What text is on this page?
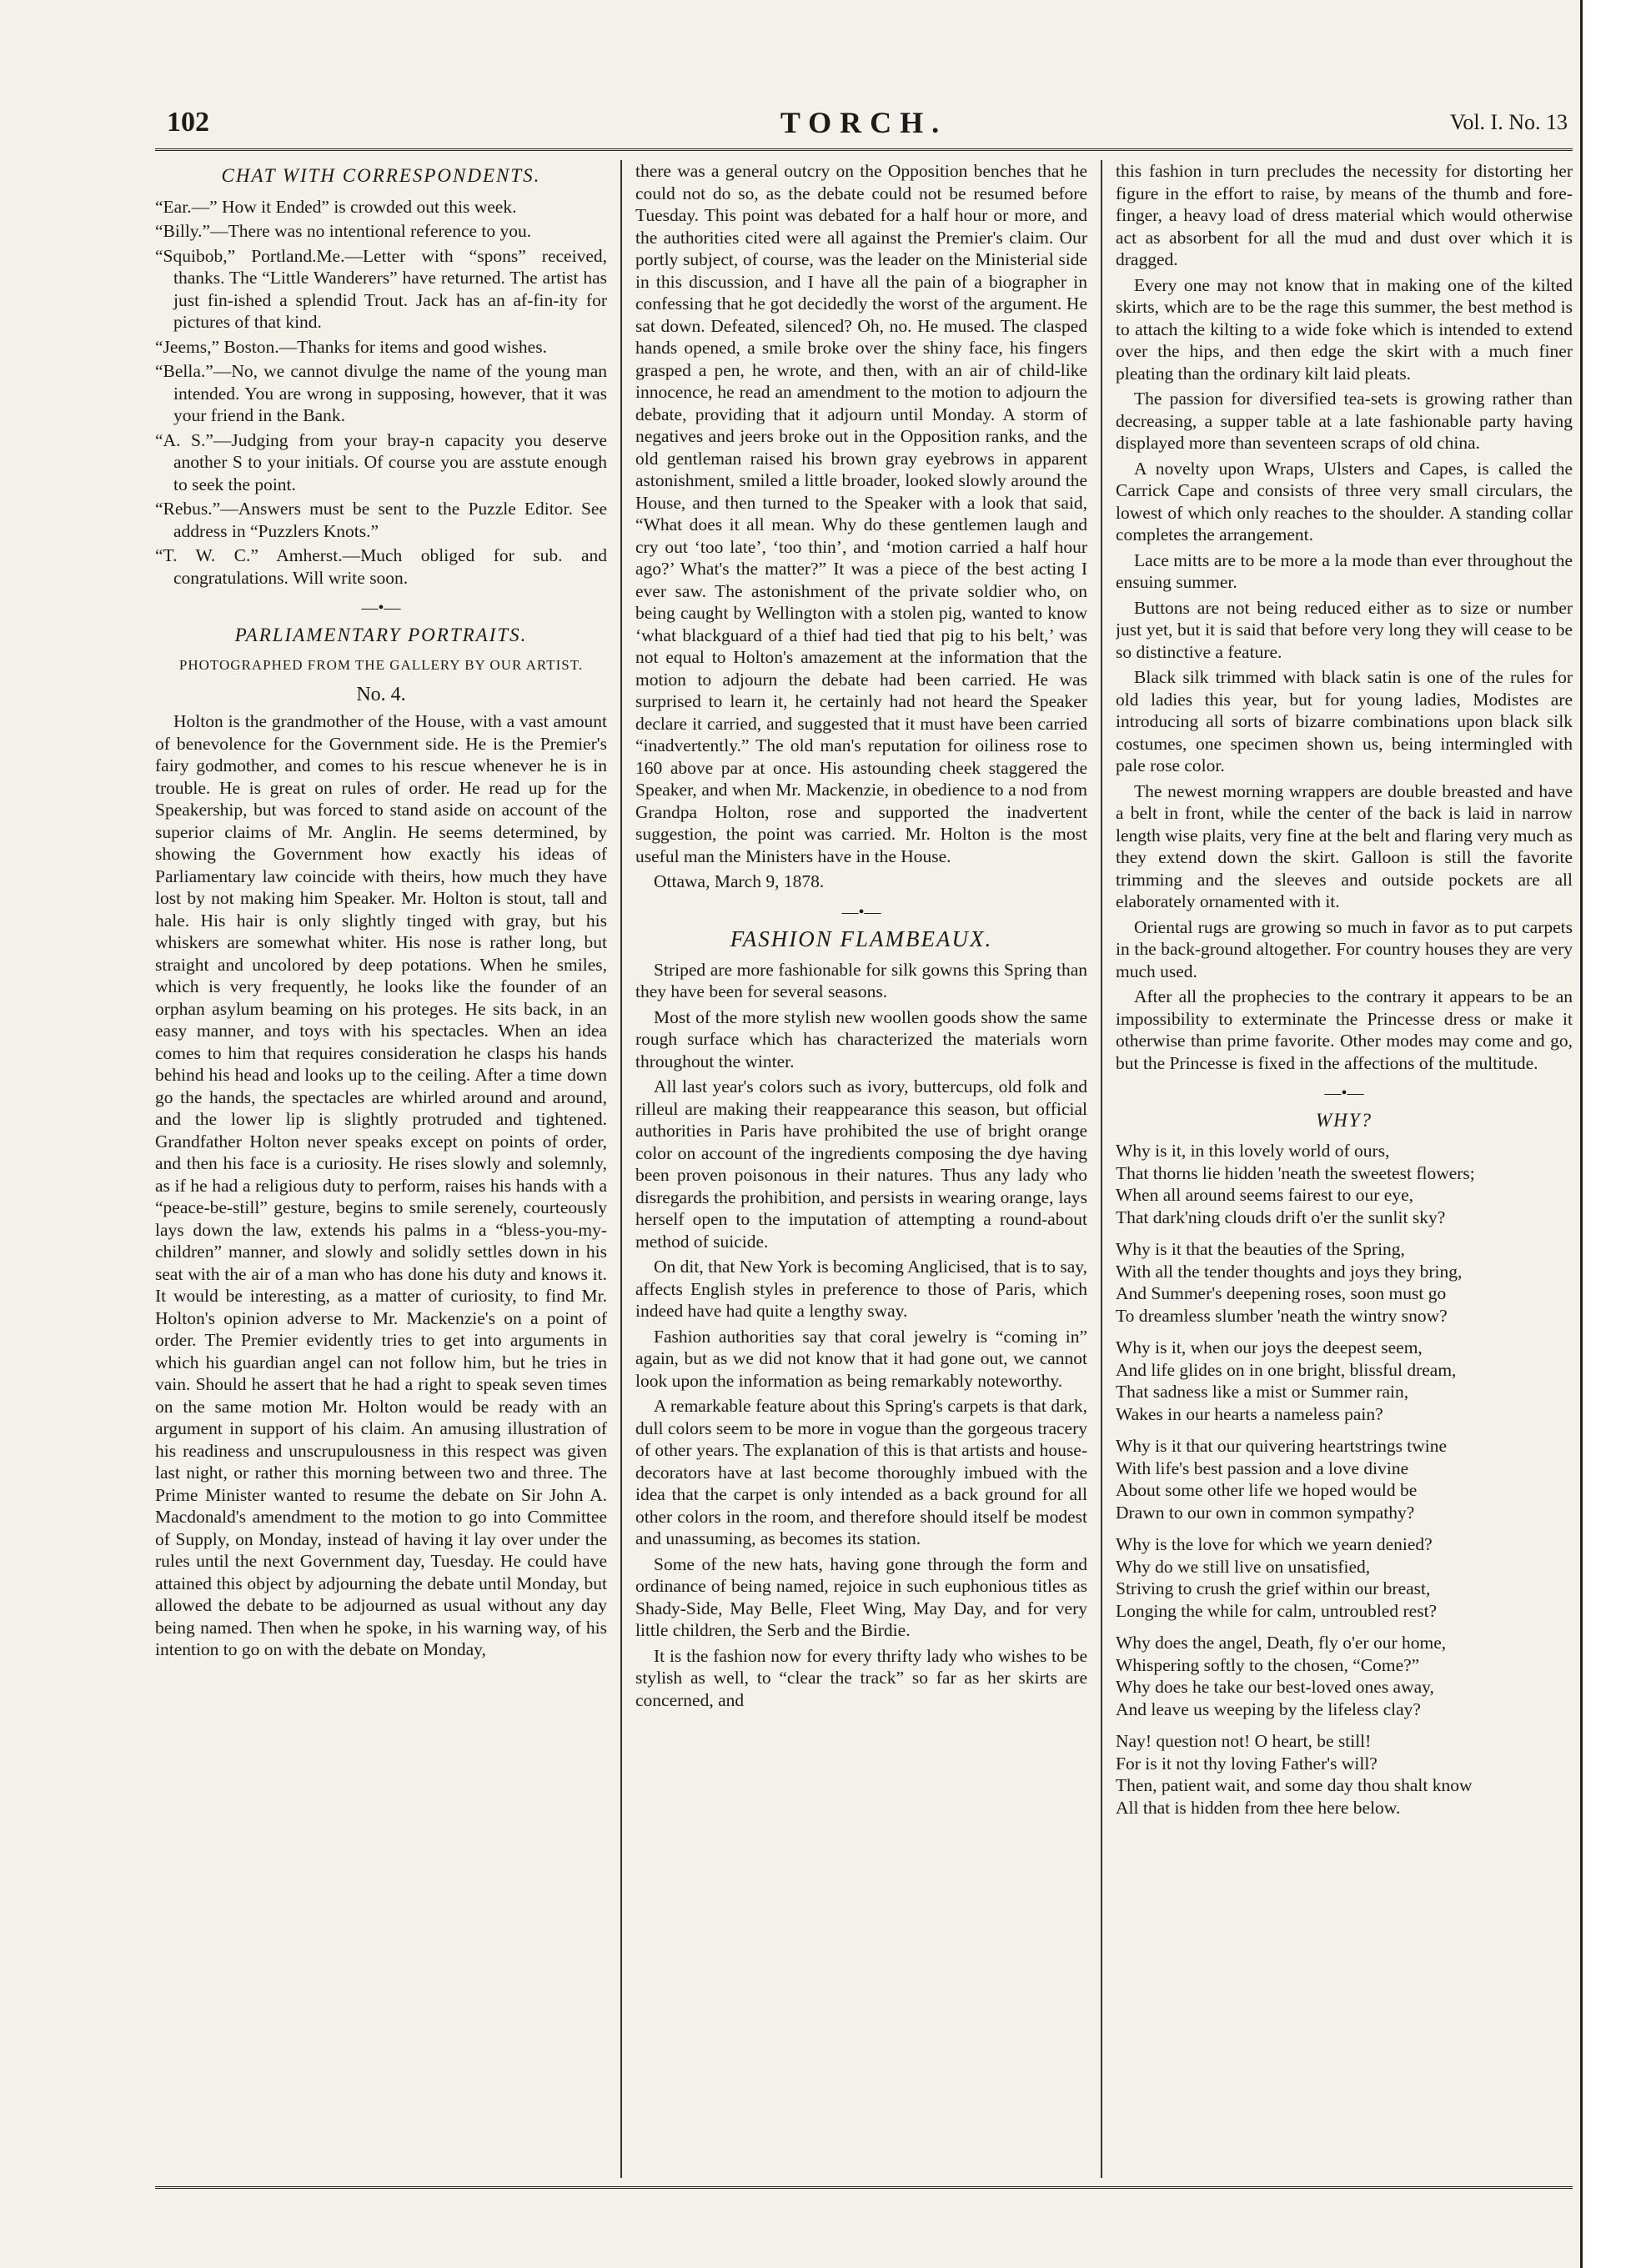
102	TORCH.	Vol. I. No. 13
CHAT WITH CORRESPONDENTS.

“Ear.—” How it Ended” is crowded out this week.

“Billy.”—There was no intentional reference to you.

“Squibob,” Portland.Me.—Letter with “spons” received, thanks. The “Little Wanderers” have returned. The artist has just fin-ished a splendid Trout. Jack has an af-fin-ity for pictures of that kind.

“Jeems,” Boston.—Thanks for items and good wishes.

“Bella.”—No, we cannot divulge the name of the young man intended. You are wrong in supposing, however, that it was your friend in the Bank.

“A. S.”—Judging from your bray-n capacity you deserve another S to your initials. Of course you are asstute enough to seek the point.

“Rebus.”—Answers must be sent to the Puzzle Editor. See address in “Puzzlers Knots.”

“T. W. C.” Amherst.—Much obliged for sub. and congratulations. Will write soon.

—•—
PARLIAMENTARY PORTRAITS.
PHOTOGRAPHED FROM THE GALLERY BY OUR ARTIST.
No. 4.

Holton is the grandmother of the House, with a vast amount of benevolence for the Government side. He is the Premier's fairy godmother, and comes to his rescue whenever he is in trouble. He is great on rules of order. He read up for the Speakership, but was forced to stand aside on account of the superior claims of Mr. Anglin. He seems determined, by showing the Government how exactly his ideas of Parliamentary law coincide with theirs, how much they have lost by not making him Speaker. Mr. Holton is stout, tall and hale. His hair is only slightly tinged with gray, but his whiskers are somewhat whiter. His nose is rather long, but straight and uncolored by deep potations. When he smiles, which is very frequently, he looks like the founder of an orphan asylum beaming on his proteges. He sits back, in an easy manner, and toys with his spectacles. When an idea comes to him that requires consideration he clasps his hands behind his head and looks up to the ceiling. After a time down go the hands, the spectacles are whirled around and around, and the lower lip is slightly protruded and tightened. Grandfather Holton never speaks except on points of order, and then his face is a curiosity. He rises slowly and solemnly, as if he had a religious duty to perform, raises his hands with a “peace-be-still” gesture, begins to smile serenely, courteously lays down the law, extends his palms in a “bless-you-my-children” manner, and slowly and solidly settles down in his seat with the air of a man who has done his duty and knows it. It would be interesting, as a matter of curiosity, to find Mr. Holton's opinion adverse to Mr. Mackenzie's on a point of order. The Premier evidently tries to get into arguments in which his guardian angel can not follow him, but he tries in vain. Should he assert that he had a right to speak seven times on the same motion Mr. Holton would be ready with an argument in support of his claim. An amusing illustration of his readiness and unscrupulousness in this respect was given last night, or rather this morning between two and three. The Prime Minister wanted to resume the debate on Sir John A. Macdonald's amendment to the motion to go into Committee of Supply, on Monday, instead of having it lay over under the rules until the next Government day, Tuesday. He could have attained this object by adjourning the debate until Monday, but allowed the debate to be adjourned as usual without any day being named. Then when he spoke, in his warning way, of his intention to go on with the debate on Monday,

there was a general outcry on the Opposition benches that he could not do so, as the debate could not be resumed before Tuesday. This point was debated for a half hour or more, and the authorities cited were all against the Premier's claim. Our portly subject, of course, was the leader on the Ministerial side in this discussion, and I have all the pain of a biographer in confessing that he got decidedly the worst of the argument. He sat down. Defeated, silenced? Oh, no. He mused. The clasped hands opened, a smile broke over the shiny face, his fingers grasped a pen, he wrote, and then, with an air of child-like innocence, he read an amendment to the motion to adjourn the debate, providing that it adjourn until Monday. A storm of negatives and jeers broke out in the Opposition ranks, and the old gentleman raised his brown gray eyebrows in apparent astonishment, smiled a little broader, looked slowly around the House, and then turned to the Speaker with a look that said, “What does it all mean. Why do these gentlemen laugh and cry out ‘too late’, ‘too thin’, and ‘motion carried a half hour ago?’ What's the matter?” It was a piece of the best acting I ever saw. The astonishment of the private soldier who, on being caught by Wellington with a stolen pig, wanted to know ‘what blackguard of a thief had tied that pig to his belt,’ was not equal to Holton's amazement at the information that the motion to adjourn the debate had been carried. He was surprised to learn it, he certainly had not heard the Speaker declare it carried, and suggested that it must have been carried “inadvertently.” The old man's reputation for oiliness rose to 160 above par at once. His astounding cheek staggered the Speaker, and when Mr. Mackenzie, in obedience to a nod from Grandpa Holton, rose and supported the inadvertent suggestion, the point was carried. Mr. Holton is the most useful man the Ministers have in the House.

Ottawa, March 9, 1878.

—•—
FASHION FLAMBEAUX.

Striped are more fashionable for silk gowns this Spring than they have been for several seasons.

Most of the more stylish new woollen goods show the same rough surface which has characterized the materials worn throughout the winter.

All last year's colors such as ivory, buttercups, old folk and rilleul are making their reappearance this season, but official authorities in Paris have prohibited the use of bright orange color on account of the ingredients composing the dye having been proven poisonous in their natures. Thus any lady who disregards the prohibition, and persists in wearing orange, lays herself open to the imputation of attempting a round-about method of suicide.

On dit, that New York is becoming Anglicised, that is to say, affects English styles in preference to those of Paris, which indeed have had quite a lengthy sway.

Fashion authorities say that coral jewelry is “coming in” again, but as we did not know that it had gone out, we cannot look upon the information as being remarkably noteworthy.

A remarkable feature about this Spring's carpets is that dark, dull colors seem to be more in vogue than the gorgeous tracery of other years. The explanation of this is that artists and house-decorators have at last become thoroughly imbued with the idea that the carpet is only intended as a back ground for all other colors in the room, and therefore should itself be modest and unassuming, as becomes its station.

Some of the new hats, having gone through the form and ordinance of being named, rejoice in such euphonious titles as Shady-Side, May Belle, Fleet Wing, May Day, and for very little children, the Serb and the Birdie.

It is the fashion now for every thrifty lady who wishes to be stylish as well, to “clear the track” so far as her skirts are concerned, and

this fashion in turn precludes the necessity for distorting her figure in the effort to raise, by means of the thumb and fore-finger, a heavy load of dress material which would otherwise act as absorbent for all the mud and dust over which it is dragged.

Every one may not know that in making one of the kilted skirts, which are to be the rage this summer, the best method is to attach the kilting to a wide foke which is intended to extend over the hips, and then edge the skirt with a much finer pleating than the ordinary kilt laid pleats.

The passion for diversified tea-sets is growing rather than decreasing, a supper table at a late fashionable party having displayed more than seventeen scraps of old china.

A novelty upon Wraps, Ulsters and Capes, is called the Carrick Cape and consists of three very small circulars, the lowest of which only reaches to the shoulder. A standing collar completes the arrangement.

Lace mitts are to be more a la mode than ever throughout the ensuing summer.

Buttons are not being reduced either as to size or number just yet, but it is said that before very long they will cease to be so distinctive a feature.

Black silk trimmed with black satin is one of the rules for old ladies this year, but for young ladies, Modistes are introducing all sorts of bizarre combinations upon black silk costumes, one specimen shown us, being intermingled with pale rose color.

The newest morning wrappers are double breasted and have a belt in front, while the center of the back is laid in narrow length wise plaits, very fine at the belt and flaring very much as they extend down the skirt. Galloon is still the favorite trimming and the sleeves and outside pockets are all elaborately ornamented with it.

Oriental rugs are growing so much in favor as to put carpets in the back-ground altogether. For country houses they are very much used.

After all the prophecies to the contrary it appears to be an impossibility to exterminate the Princesse dress or make it otherwise than prime favorite. Other modes may come and go, but the Princesse is fixed in the affections of the multitude.

—•—
WHY?
Why is it, in this lovely world of ours,
That thorns lie hidden 'neath the sweetest flowers;
When all around seems fairest to our eye,
That dark'ning clouds drift o'er the sunlit sky?
Why is it that the beauties of the Spring,
With all the tender thoughts and joys they bring,
And Summer's deepening roses, soon must go
To dreamless slumber 'neath the wintry snow?
Why is it, when our joys the deepest seem,
And life glides on in one bright, blissful dream,
That sadness like a mist or Summer rain,
Wakes in our hearts a nameless pain?
Why is it that our quivering heartstrings twine
With life's best passion and a love divine
About some other life we hoped would be
Drawn to our own in common sympathy?
Why is the love for which we yearn denied?
Why do we still live on unsatisfied,
Striving to crush the grief within our breast,
Longing the while for calm, untroubled rest?
Why does the angel, Death, fly o'er our home,
Whispering softly to the chosen, “Come?”
Why does he take our best-loved ones away,
And leave us weeping by the lifeless clay?
Nay! question not! O heart, be still!
For is it not thy loving Father's will?
Then, patient wait, and some day thou shalt know
All that is hidden from thee here below.
